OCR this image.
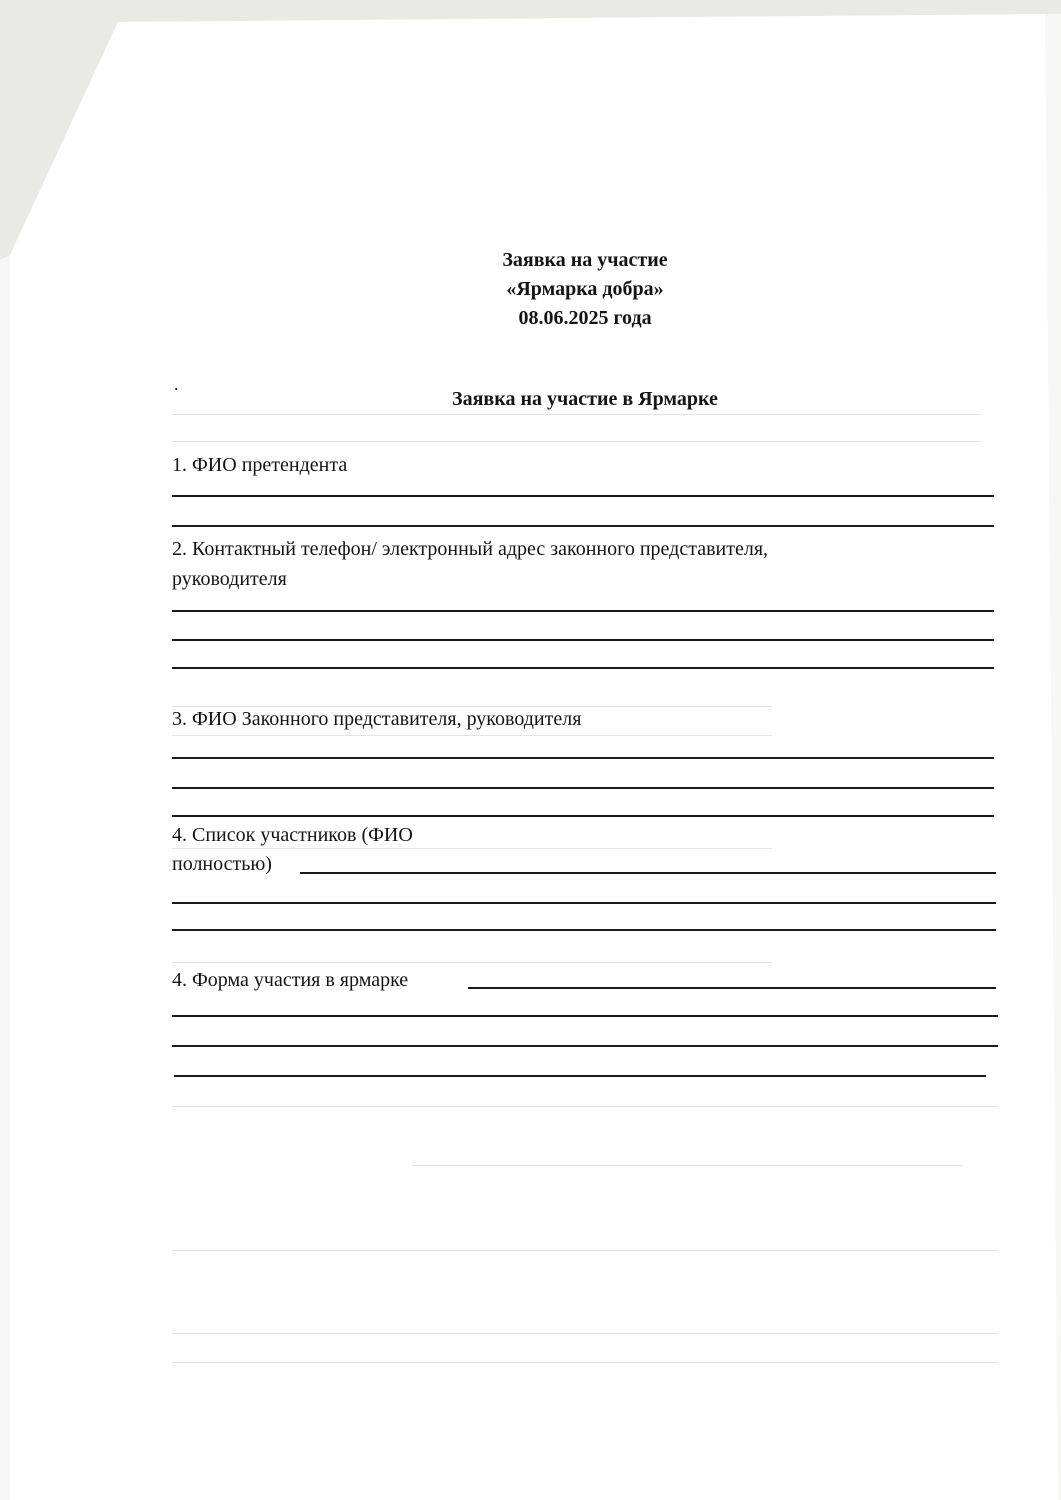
Заявка на участие
«Ярмарка добра»
08.06.2025 года
.
Заявка на участие в Ярмарке
1. ФИО претендента
2. Контактный телефон/ электронный адрес законного представителя,
руководителя
3. ФИО Законного представителя, руководителя
4. Список участников (ФИО
полностью)
4. Форма участия в ярмарке
